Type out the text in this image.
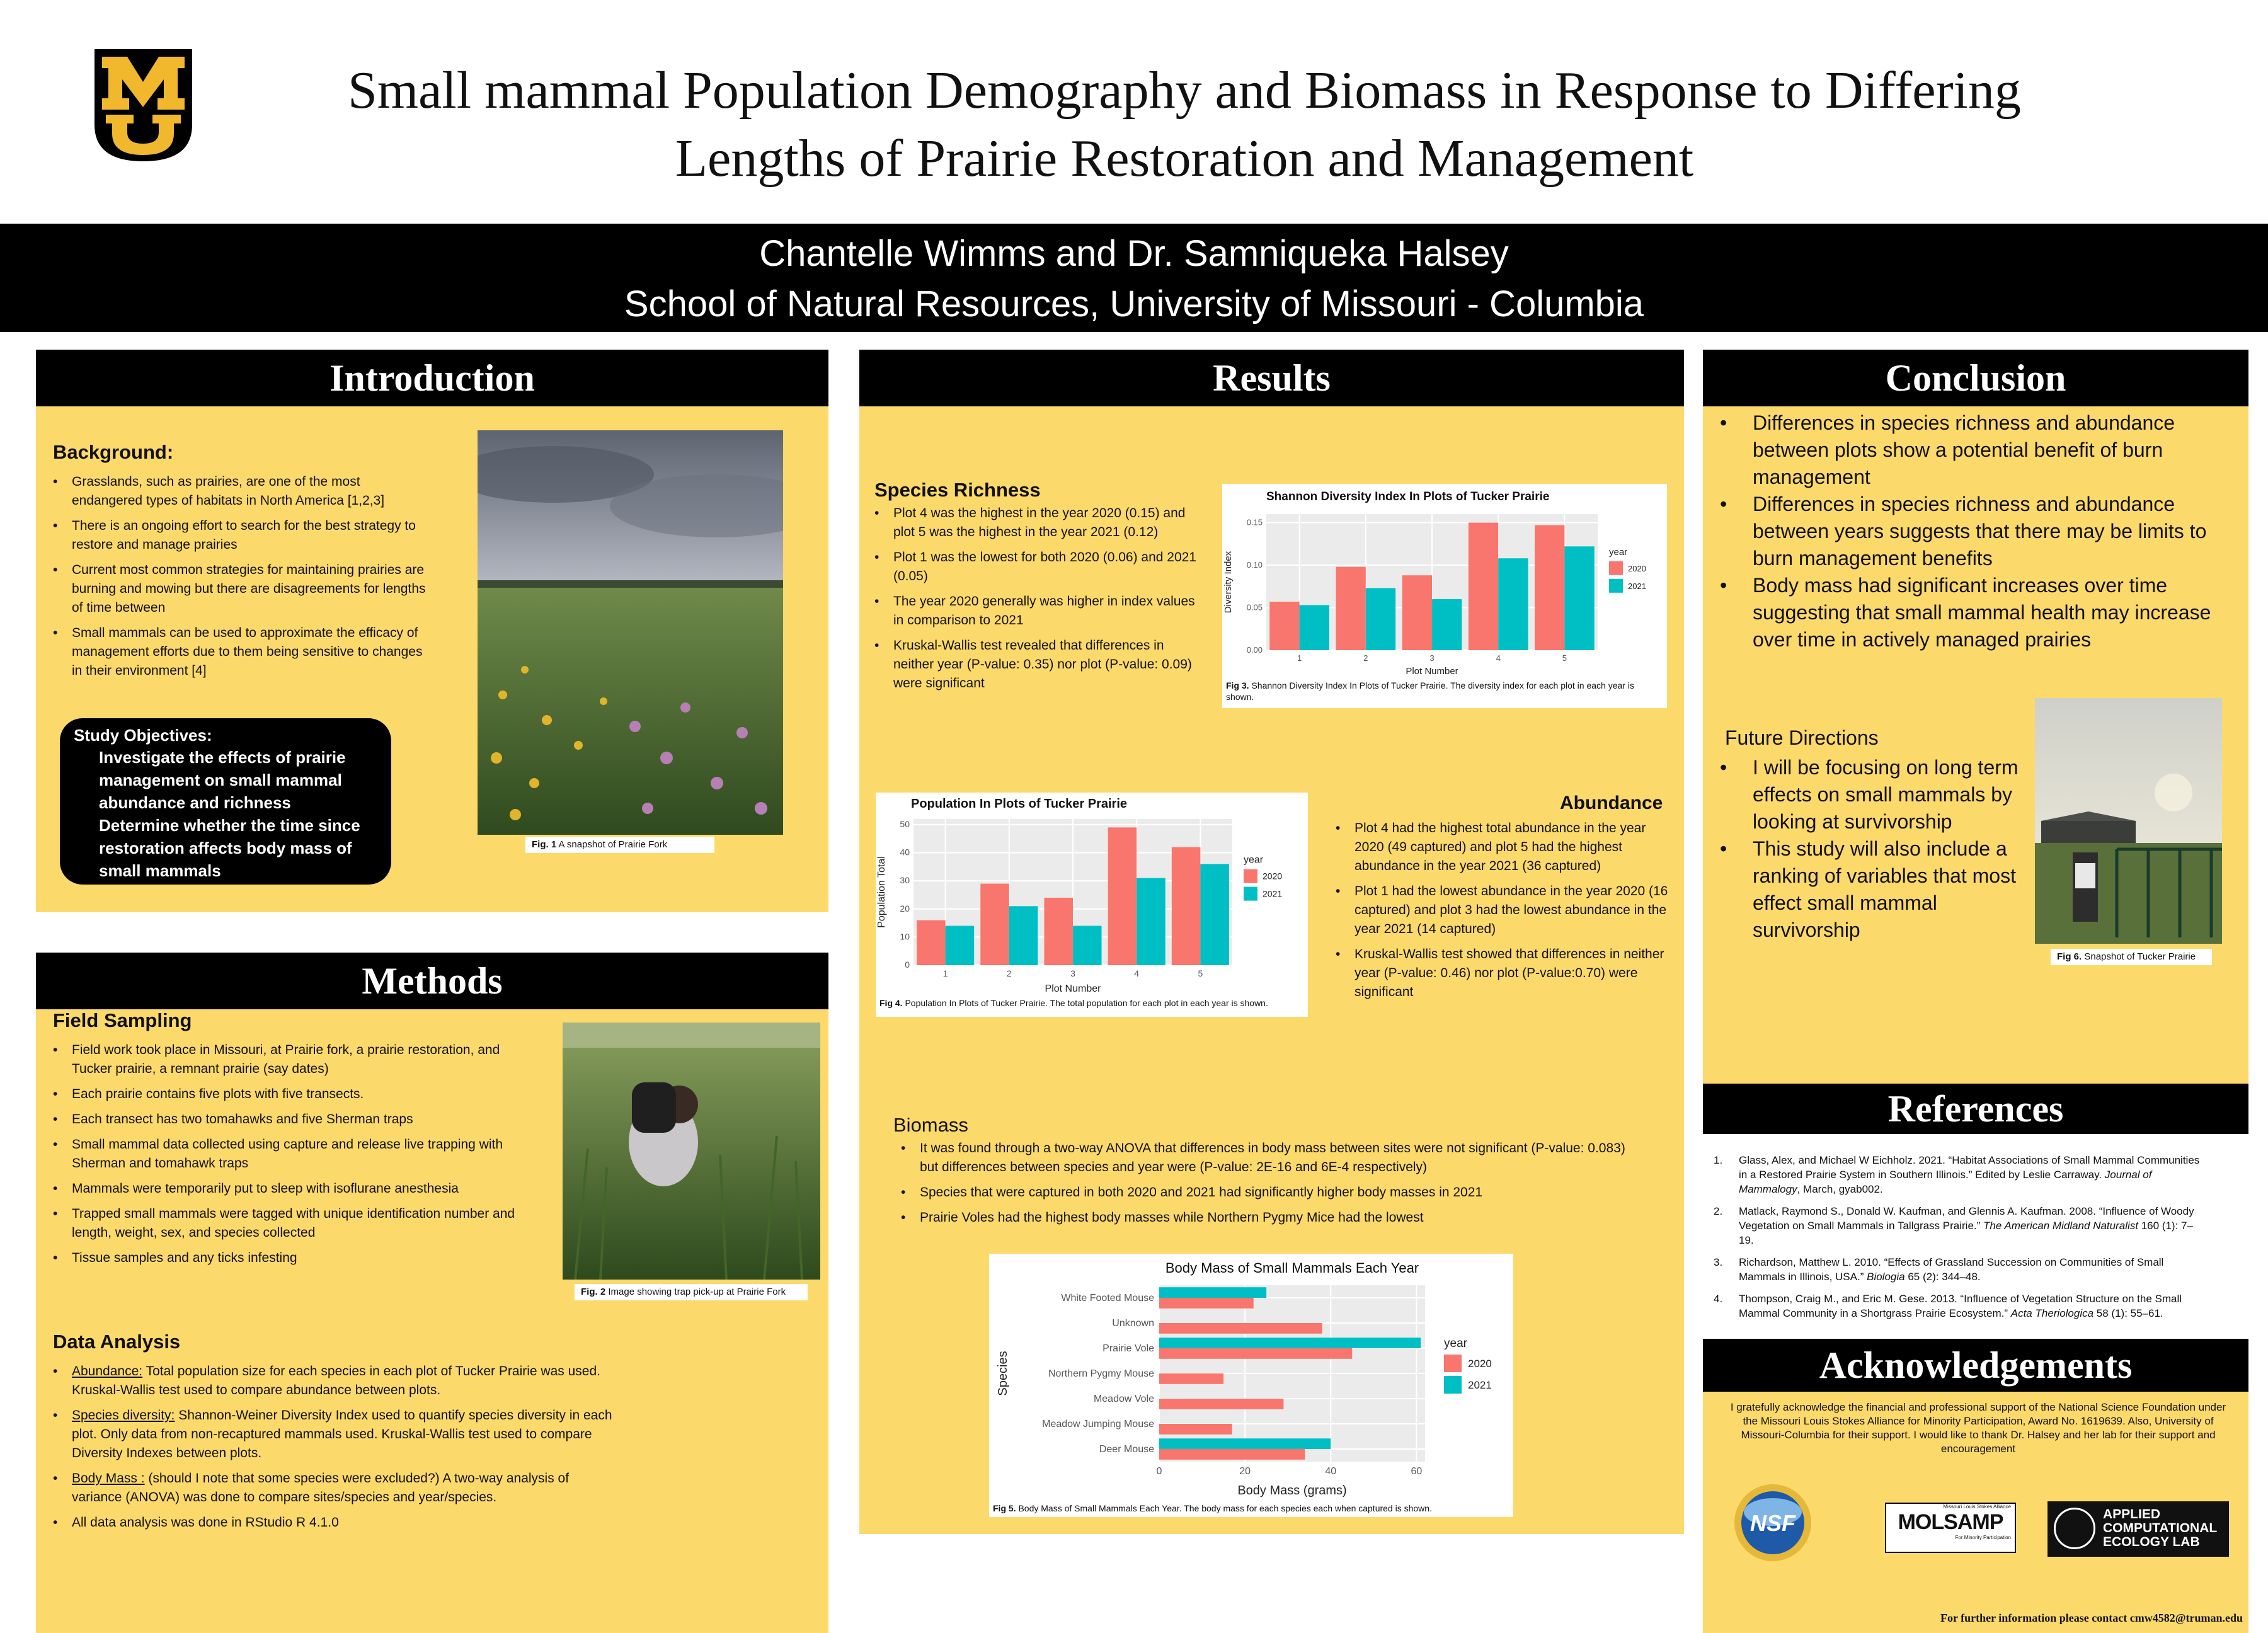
Small mammal Population Demography and Biomass in Response to Differing
Lengths of Prairie Restoration and Management
Chantelle Wimms and Dr. Samniqueka Halsey
School of Natural Resources, University of Missouri - Columbia
Introduction
Background:
• Grasslands, such as prairies, are one of the most endangered types of habitats in North America [1,2,3]
• There is an ongoing effort to search for the best strategy to restore and manage prairies
• Current most common strategies for maintaining prairies are burning and mowing but there are disagreements for lengths of time between
• Small mammals can be used to approximate the efficacy of management efforts due to them being sensitive to changes in their environment [4]
Study Objectives:
Investigate the effects of prairie management on small mammal abundance and richness
Determine whether the time since restoration affects body mass of small mammals
Fig. 1 A snapshot of Prairie Fork
Methods
Field Sampling
• Field work took place in Missouri, at Prairie fork, a prairie restoration, and Tucker prairie, a remnant prairie (say dates)
• Each prairie contains five plots with five transects.
• Each transect has two tomahawks and five Sherman traps
• Small mammal data collected using capture and release live trapping with Sherman and tomahawk traps
• Mammals were temporarily put to sleep with isoflurane anesthesia
• Trapped small mammals were tagged with unique identification number and length, weight, sex, and species collected
• Tissue samples and any ticks infesting
Fig. 2 Image showing trap pick-up at Prairie Fork
Data Analysis
• Abundance: Total population size for each species in each plot of Tucker Prairie was used. Kruskal-Wallis test used to compare abundance between plots.
• Species diversity: Shannon-Weiner Diversity Index used to quantify species diversity in each plot. Only data from non-recaptured mammals used. Kruskal-Wallis test used to compare Diversity Indexes between plots.
• Body Mass : (should I note that some species were excluded?) A two-way analysis of variance (ANOVA) was done to compare sites/species and year/species.
• All data analysis was done in RStudio R 4.1.0
Results
Species Richness
• Plot 4 was the highest in the year 2020 (0.15) and plot 5 was the highest in the year 2021 (0.12)
• Plot 1 was the lowest for both 2020 (0.06) and 2021 (0.05)
• The year 2020 generally was higher in index values in comparison to 2021
• Kruskal-Wallis test revealed that differences in neither year (P-value: 0.35) nor plot (P-value: 0.09) were significant
Shannon Diversity Index In Plots of Tucker Prairie
0.00
0.05
0.10
0.15
1	2	3	4	5
Plot Number
Diversity Index	year
2020
2021
Fig 3. Shannon Diversity Index In Plots of Tucker Prairie. The diversity index for each plot in each year is shown.
Population In Plots of Tucker Prairie
0
10
20
30
40
50
1	2	3	4	5
Plot Number
Population Total	year
2020
2021
Fig 4. Population In Plots of Tucker Prairie. The total population for each plot in each year is shown.
Abundance
• Plot 4 had the highest total abundance in the year 2020 (49 captured) and plot 5 had the highest abundance in the year 2021 (36 captured)
• Plot 1 had the lowest abundance in the year 2020 (16 captured) and plot 3 had the lowest abundance in the year 2021 (14 captured)
• Kruskal-Wallis test showed that differences in neither year (P-value: 0.46) nor plot (P-value:0.70) were significant
Biomass
• It was found through a two-way ANOVA that differences in body mass between sites were not significant (P-value: 0.083) but differences between species and year were (P-value: 2E-16 and 6E-4 respectively)
• Species that were captured in both 2020 and 2021 had significantly higher body masses in 2021
• Prairie Voles had the highest body masses while Northern Pygmy Mice had the lowest
Body Mass of Small Mammals Each Year
0	20	40	60
White Footed Mouse
Unknown
Prairie Vole
Northern Pygmy Mouse
Meadow Vole
Meadow Jumping Mouse
Deer Mouse
Body Mass (grams)
Species
year
2020
2021
Fig 5. Body Mass of Small Mammals Each Year. The body mass for each species each when captured is shown.
Conclusion
• Differences in species richness and abundance between plots show a potential benefit of burn management
• Differences in species richness and abundance between years suggests that there may be limits to burn management benefits
• Body mass had significant increases over time suggesting that small mammal health may increase over time in actively managed prairies
Future Directions
• I will be focusing on long term effects on small mammals by looking at survivorship
• This study will also include a ranking of variables that most effect small mammal survivorship
Fig 6. Snapshot of Tucker Prairie
References
1. Glass, Alex, and Michael W Eichholz. 2021. “Habitat Associations of Small Mammal Communities in a Restored Prairie System in Southern Illinois.” Edited by Leslie Carraway. Journal of Mammalogy, March, gyab002.
2. Matlack, Raymond S., Donald W. Kaufman, and Glennis A. Kaufman. 2008. “Influence of Woody Vegetation on Small Mammals in Tallgrass Prairie.” The American Midland Naturalist 160 (1): 7–19.
3. Richardson, Matthew L. 2010. “Effects of Grassland Succession on Communities of Small Mammals in Illinois, USA.” Biologia 65 (2): 344–48.
4. Thompson, Craig M., and Eric M. Gese. 2013. “Influence of Vegetation Structure on the Small Mammal Community in a Shortgrass Prairie Ecosystem.” Acta Theriologica 58 (1): 55–61.
Acknowledgements
I gratefully acknowledge the financial and professional support of the National Science Foundation under the Missouri Louis Stokes Alliance for Minority Participation, Award No. 1619639. Also, University of Missouri-Columbia for their support. I would like to thank Dr. Halsey and her lab for their support and encouragement
NSF
Missouri Louis Stokes Alliance
MOLSAMP
For Minority Participation
APPLIED
COMPUTATIONAL
ECOLOGY LAB
For further information please contact cmw4582@truman.edu
